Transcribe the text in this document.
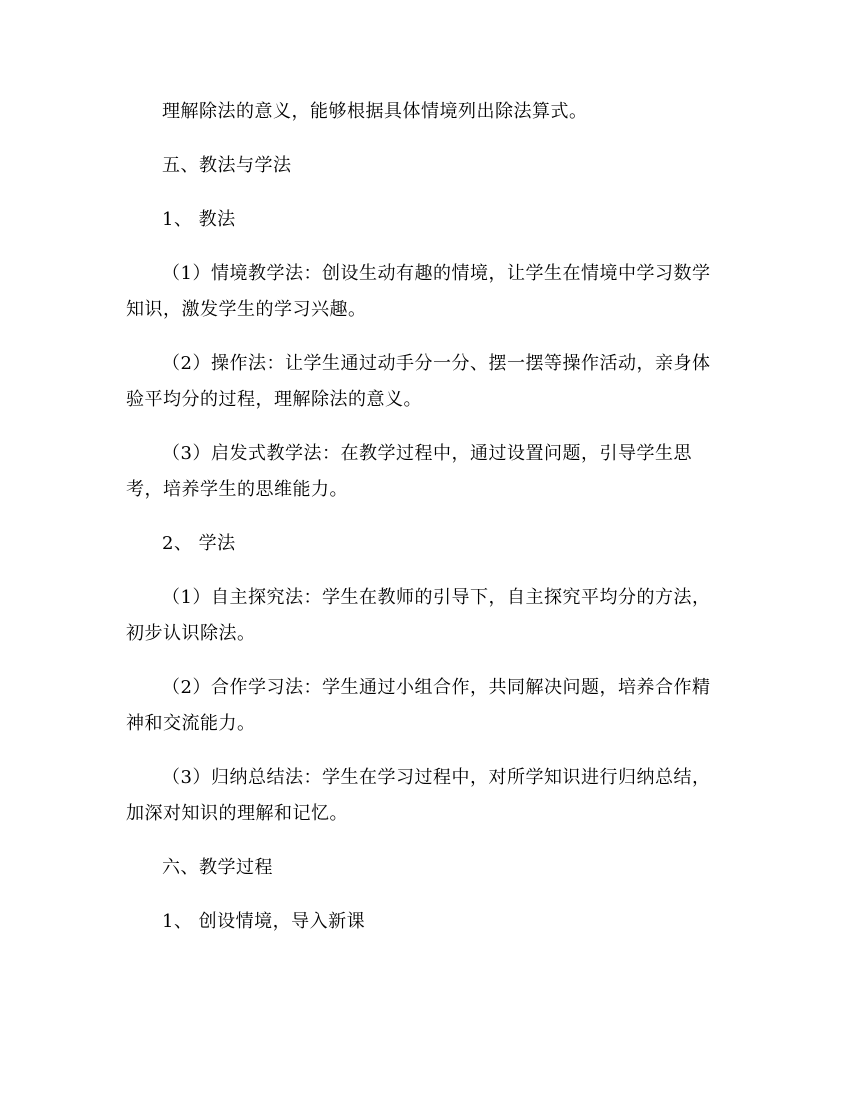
理解除法的意义，能够根据具体情境列出除法算式。

五、教法与学法

1、 教法

（1）情境教学法：创设生动有趣的情境，让学生在情境中学习数学知识，激发学生的学习兴趣。

（2）操作法：让学生通过动手分一分、摆一摆等操作活动，亲身体验平均分的过程，理解除法的意义。

（3）启发式教学法：在教学过程中，通过设置问题，引导学生思考，培养学生的思维能力。

2、 学法

（1）自主探究法：学生在教师的引导下，自主探究平均分的方法，初步认识除法。

（2）合作学习法：学生通过小组合作，共同解决问题，培养合作精神和交流能力。

（3）归纳总结法：学生在学习过程中，对所学知识进行归纳总结，加深对知识的理解和记忆。

六、教学过程

1、 创设情境，导入新课
